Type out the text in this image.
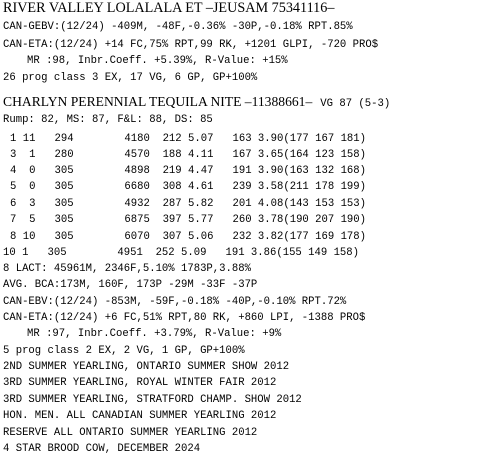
RIVER VALLEY LOLALALA ET –JEUSAM 75341116–
CAN-GEBV:(12/24) -409M, -48F,-0.36% -30P,-0.18% RPT.85%
CAN-ETA:(12/24) +14 FC,75% RPT,99 RK, +1201 GLPI, -720 PRO$
MR :98, Inbr.Coeff. +5.39%, R-Value: +15%
26 prog class 3 EX, 17 VG, 6 GP, GP+100%
CHARLYN PERENNIAL TEQUILA NITE –11388661– VG 87 (5-3)
Rump: 82, MS: 87, F&L: 88, DS: 85
1 11   294        4180  212 5.07   163 3.90(177 167 181)
3  1   280        4570  188 4.11   167 3.65(164 123 158)
4  0   305        4898  219 4.47   191 3.90(163 132 168)
5  0   305        6680  308 4.61   239 3.58(211 178 199)
6  3   305        4932  287 5.82   201 4.08(143 153 153)
7  5   305        6875  397 5.77   260 3.78(190 207 190)
8 10   305        6070  307 5.06   232 3.82(177 169 178)
10 1   305        4951  252 5.09   191 3.86(155 149 158)
8 LACT: 45961M, 2346F,5.10% 1783P,3.88%
AVG. BCA:173M, 160F, 173P -29M -33F -37P
CAN-EBV:(12/24) -853M, -59F,-0.18% -40P,-0.10% RPT.72%
CAN-ETA:(12/24) +6 FC,51% RPT,80 RK, +860 LPI, -1388 PRO$
MR :97, Inbr.Coeff. +3.79%, R-Value: +9%
5 prog class 2 EX, 2 VG, 1 GP, GP+100%
2ND SUMMER YEARLING, ONTARIO SUMMER SHOW 2012
3RD SUMMER YEARLING, ROYAL WINTER FAIR 2012
3RD SUMMER YEARLING, STRATFORD CHAMP. SHOW 2012
HON. MEN. ALL CANADIAN SUMMER YEARLING 2012
RESERVE ALL ONTARIO SUMMER YEARLING 2012
4 STAR BROOD COW, DECEMBER 2024
